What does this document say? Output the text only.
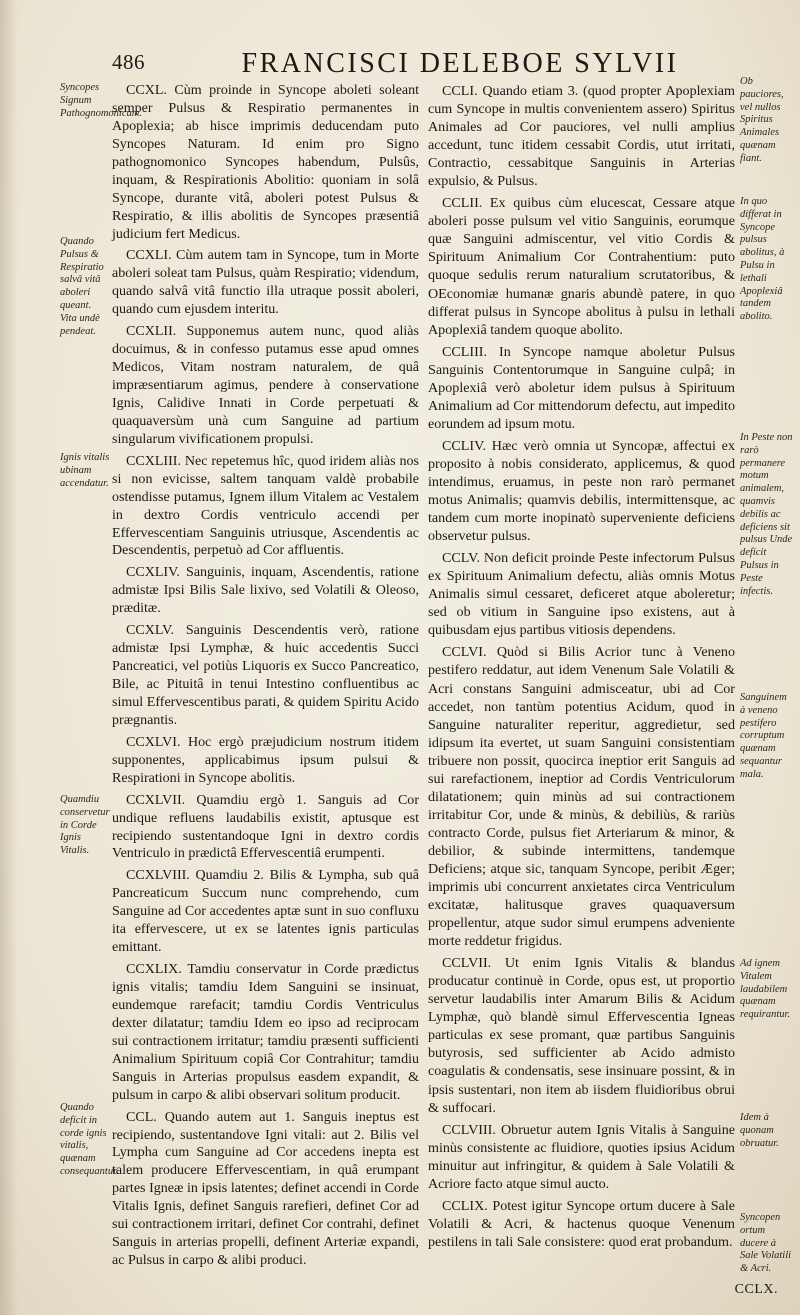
486	FRANCISCI DELEBOE SYLVII
Syncopes Signum Pathognomonicum.
Quando Pulsus & Respiratio salvâ vitâ aboleri queant. Vita undè pendeat.
Ignis vitalis ubinam accendatur.
Quamdiu conservetur in Corde Ignis Vitalis.
Quando deficit in corde ignis vitalis, quænam consequantur.

CCXL. Cùm proinde in Syncope aboleti soleant semper Pulsus & Respiratio permanentes in Apoplexia; ab hisce imprimis deducendam puto Syncopes Naturam. Id enim pro Signo pathognomonico Syncopes habendum, Pulsûs, inquam, & Respirationis Abolitio: quoniam in solâ Syncope, durante vitâ, aboleri potest Pulsus & Respiratio, & illis abolitis de Syncopes præsentiâ judicium fert Medicus.

CCXLI. Cùm autem tam in Syncope, tum in Morte aboleri soleat tam Pulsus, quàm Respiratio; videndum, quando salvâ vitâ functio illa utraque possit aboleri, quando cum ejusdem interitu.

CCXLII. Supponemus autem nunc, quod aliàs docuimus, & in confesso putamus esse apud omnes Medicos, Vitam nostram naturalem, de quâ impræsentiarum agimus, pendere à conservatione Ignis, Calidive Innati in Corde perpetuati & quaquaversùm unà cum Sanguine ad partium singularum vivificationem propulsi.

CCXLIII. Nec repetemus hîc, quod iridem aliàs nos si non evicisse, saltem tanquam valdè probabile ostendisse putamus, Ignem illum Vitalem ac Vestalem in dextro Cordis ventriculo accendi per Effervescentiam Sanguinis utriusque, Ascendentis ac Descendentis, perpetuò ad Cor affluentis.

CCXLIV. Sanguinis, inquam, Ascendentis, ratione admistæ Ipsi Bilis Sale lixivo, sed Volatili & Oleoso, præditæ.

CCXLV. Sanguinis Descendentis verò, ratione admistæ Ipsi Lymphæ, & huic accedentis Succi Pancreatici, vel potiùs Liquoris ex Succo Pancreatico, Bile, ac Pituitâ in tenui Intestino confluentibus ac simul Effervescentibus parati, & quidem Spiritu Acido prægnantis.

CCXLVI. Hoc ergò præjudicium nostrum itidem supponentes, applicabimus ipsum pulsui & Respirationi in Syncope abolitis.

CCXLVII. Quamdiu ergò 1. Sanguis ad Cor undique refluens laudabilis existit, aptusque est recipiendo sustentandoque Igni in dextro cordis Ventriculo in prædictâ Effervescentiâ erumpenti.

CCXLVIII. Quamdiu 2. Bilis & Lympha, sub quâ Pancreaticum Succum nunc comprehendo, cum Sanguine ad Cor accedentes aptæ sunt in suo confluxu ita effervescere, ut ex se latentes ignis particulas emittant.

CCXLIX. Tamdiu conservatur in Corde prædictus ignis vitalis; tamdiu Idem Sanguini se insinuat, eundemque rarefacit; tamdiu Cordis Ventriculus dexter dilatatur; tamdiu Idem eo ipso ad reciprocam sui contractionem irritatur; tamdiu præsenti sufficienti Animalium Spirituum copiâ Cor Contrahitur; tamdiu Sanguis in Arterias propulsus easdem expandit, & pulsum in carpo & alibi observari solitum producit.

CCL. Quando autem aut 1. Sanguis ineptus est recipiendo, sustentandove Igni vitali: aut 2. Bilis vel Lympha cum Sanguine ad Cor accedens inepta est talem producere Effervescentiam, in quâ erumpant partes Igneæ in ipsis latentes; definet accendi in Corde Vitalis Ignis, definet Sanguis rarefieri, definet Cor ad sui contractionem irritari, definet Cor contrahi, definet Sanguis in arterias propelli, definent Arteriæ expandi, ac Pulsus in carpo & alibi produci.

CCLI. Quando etiam 3. (quod propter Apoplexiam cum Syncope in multis convenientem assero) Spiritus Animales ad Cor pauciores, vel nulli amplius accedunt, tunc itidem cessabit Cordis, utut irritati, Contractio, cessabitque Sanguinis in Arterias expulsio, & Pulsus.

CCLII. Ex quibus cùm elucescat, Cessare atque aboleri posse pulsum vel vitio Sanguinis, eorumque quæ Sanguini admiscentur, vel vitio Cordis & Spirituum Animalium Cor Contrahentium: puto quoque sedulis rerum naturalium scrutatoribus, & OEconomiæ humanæ gnaris abundè patere, in quo differat pulsus in Syncope abolitus à pulsu in lethali Apoplexiâ tandem quoque abolito.

CCLIII. In Syncope namque aboletur Pulsus Sanguinis Contentorumque in Sanguine culpâ; in Apoplexiâ verò aboletur idem pulsus à Spirituum Animalium ad Cor mittendorum defectu, aut impedito eorundem ad ipsum motu.

CCLIV. Hæc verò omnia ut Syncopæ, affectui ex proposito à nobis considerato, applicemus, & quod intendimus, eruamus, in peste non rarò permanet motus Animalis; quamvis debilis, intermittensque, ac tandem cum morte inopinatò superveniente deficiens observetur pulsus.

CCLV. Non deficit proinde Peste infectorum Pulsus ex Spirituum Animalium defectu, aliàs omnis Motus Animalis simul cessaret, deficeret atque aboleretur; sed ob vitium in Sanguine ipso existens, aut à quibusdam ejus partibus vitiosis dependens.

CCLVI. Quòd si Bilis Acrior tunc à Veneno pestifero reddatur, aut idem Venenum Sale Volatili & Acri constans Sanguini admisceatur, ubi ad Cor accedet, non tantùm potentius Acidum, quod in Sanguine naturaliter reperitur, aggredietur, sed idipsum ita evertet, ut suam Sanguini consistentiam tribuere non possit, quocirca ineptior erit Sanguis ad sui rarefactionem, ineptior ad Cordis Ventriculorum dilatationem; quin minùs ad sui contractionem irritabitur Cor, unde & minùs, & debiliùs, & rariùs contracto Corde, pulsus fiet Arteriarum & minor, & debilior, & subinde intermittens, tandemque Deficiens; atque sic, tanquam Syncope, peribit Æger; imprimis ubi concurrent anxietates circa Ventriculum excitatæ, halitusque graves quaquaversum propellentur, atque sudor simul erumpens adveniente morte reddetur frigidus.

CCLVII. Ut enim Ignis Vitalis & blandus producatur continuè in Corde, opus est, ut proportio servetur laudabilis inter Amarum Bilis & Acidum Lymphæ, quò blandè simul Effervescentia Igneas particulas ex sese promant, quæ partibus Sanguinis butyrosis, sed sufficienter ab Acido admisto coagulatis & condensatis, sese insinuare possint, & in ipsis sustentari, non item ab iisdem fluidioribus obrui & suffocari.

CCLVIII. Obruetur autem Ignis Vitalis à Sanguine minùs consistente ac fluidiore, quoties ipsius Acidum minuitur aut infringitur, & quidem à Sale Volatili & Acriore facto atque simul aucto.

CCLIX. Potest igitur Syncope ortum ducere à Sale Volatili & Acri, & hactenus quoque Venenum pestilens in tali Sale consistere: quod erat probandum.

Ob pauciores, vel nullos Spiritus Animales quænam fiant.
In quo differat in Syncope pulsus abolitus, à Pulsu in lethali Apoplexiâ tandem abolito.
In Peste non rarò permanere motum animalem, quamvis debilis ac deficiens sit pulsus Unde deficit Pulsus in Peste infectis.
Sanguinem à veneno pestifero corruptum quænam sequantur mala.
Ad ignem Vitalem laudabilem quænam requirantur.
Idem à quonam obruatur.
Syncopen ortum ducere à Sale Volatili & Acri.
CCLX.
